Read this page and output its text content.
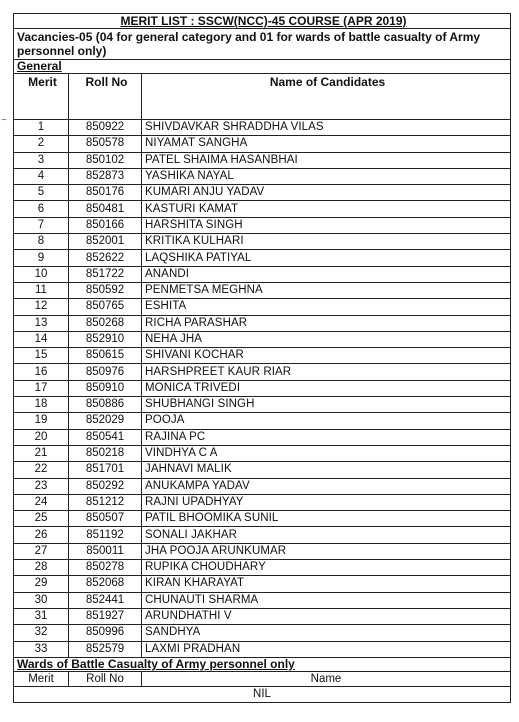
~
MERIT LIST : SSCW(NCC)-45 COURSE (APR 2019)		
Vacancies-05 (04 for general category and 01 for wards of battle casualty of Army personnel only)		
General		
Merit	Roll No	Name of Candidates
1	850922	SHIVDAVKAR SHRADDHA VILAS
2	850578	NIYAMAT SANGHA
3	850102	PATEL SHAIMA HASANBHAI
4	852873	YASHIKA NAYAL
5	850176	KUMARI ANJU YADAV
6	850481	KASTURI KAMAT
7	850166	HARSHITA SINGH
8	852001	KRITIKA KULHARI
9	852622	LAQSHIKA PATIYAL
10	851722	ANANDI
11	850592	PENMETSA MEGHNA
12	850765	ESHITA
13	850268	RICHA PARASHAR
14	852910	NEHA JHA
15	850615	SHIVANI KOCHAR
16	850976	HARSHPREET KAUR RIAR
17	850910	MONICA TRIVEDI
18	850886	SHUBHANGI SINGH
19	852029	POOJA
20	850541	RAJINA PC
21	850218	VINDHYA C A
22	851701	JAHNAVI MALIK
23	850292	ANUKAMPA YADAV
24	851212	RAJNI UPADHYAY
25	850507	PATIL BHOOMIKA SUNIL
26	851192	SONALI JAKHAR
27	850011	JHA POOJA ARUNKUMAR
28	850278	RUPIKA CHOUDHARY
29	852068	KIRAN KHARAYAT
30	852441	CHUNAUTI SHARMA
31	851927	ARUNDHATHI V
32	850996	SANDHYA
33	852579	LAXMI PRADHAN
Wards of Battle Casualty of Army personnel only		
Merit	Roll No	Name
NIL		
